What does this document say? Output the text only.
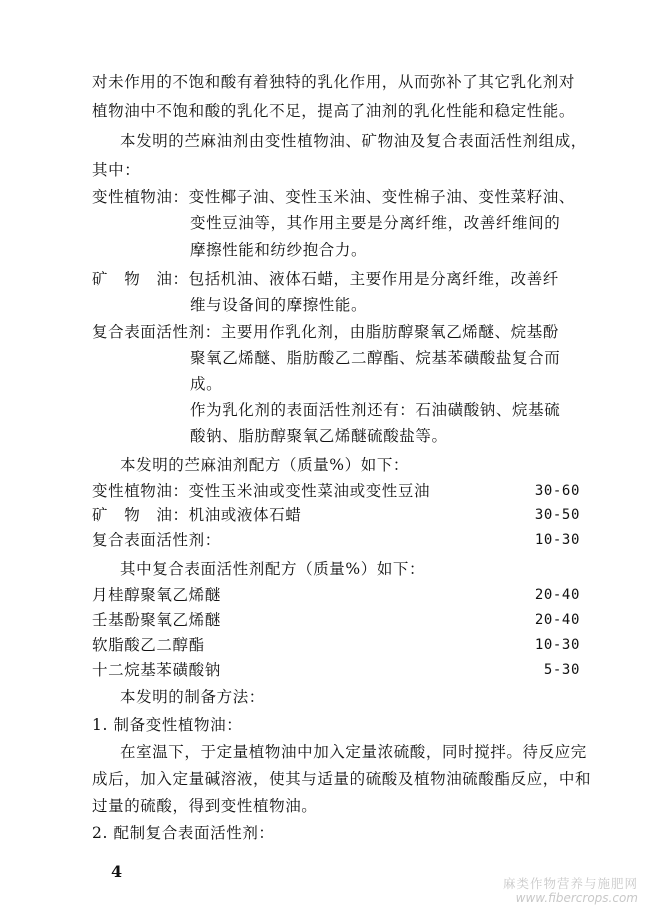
对未作用的不饱和酸有着独特的乳化作用，从而弥补了其它乳化剂对
植物油中不饱和酸的乳化不足，提高了油剂的乳化性能和稳定性能。
本发明的苎麻油剂由变性植物油、矿物油及复合表面活性剂组成，
其中：
变性植物油：变性椰子油、变性玉米油、变性棉子油、变性菜籽油、
变性豆油等，其作用主要是分离纤维，改善纤维间的
摩擦性能和纺纱抱合力。
矿　物　油：包括机油、液体石蜡，主要作用是分离纤维，改善纤
维与设备间的摩擦性能。
复合表面活性剂：主要用作乳化剂，由脂肪醇聚氧乙烯醚、烷基酚
聚氧乙烯醚、脂肪酸乙二醇酯、烷基苯磺酸盐复合而
成。
作为乳化剂的表面活性剂还有：石油磺酸钠、烷基硫
酸钠、脂肪醇聚氧乙烯醚硫酸盐等。
本发明的苎麻油剂配方（质量%）如下：
变性植物油：变性玉米油或变性菜油或变性豆油	30-60
矿　物　油：机油或液体石蜡	30-50
复合表面活性剂：	10-30
其中复合表面活性剂配方（质量%）如下：
月桂醇聚氧乙烯醚	20-40
壬基酚聚氧乙烯醚	20-40
软脂酸乙二醇酯	10-30
十二烷基苯磺酸钠	5-30
本发明的制备方法：
1. 制备变性植物油：
在室温下，于定量植物油中加入定量浓硫酸，同时搅拌。待反应完
成后，加入定量碱溶液，使其与适量的硫酸及植物油硫酸酯反应，中和
过量的硫酸，得到变性植物油。
2. 配制复合表面活性剂：
4
麻类作物营养与施肥网
www.fibercrops.com
